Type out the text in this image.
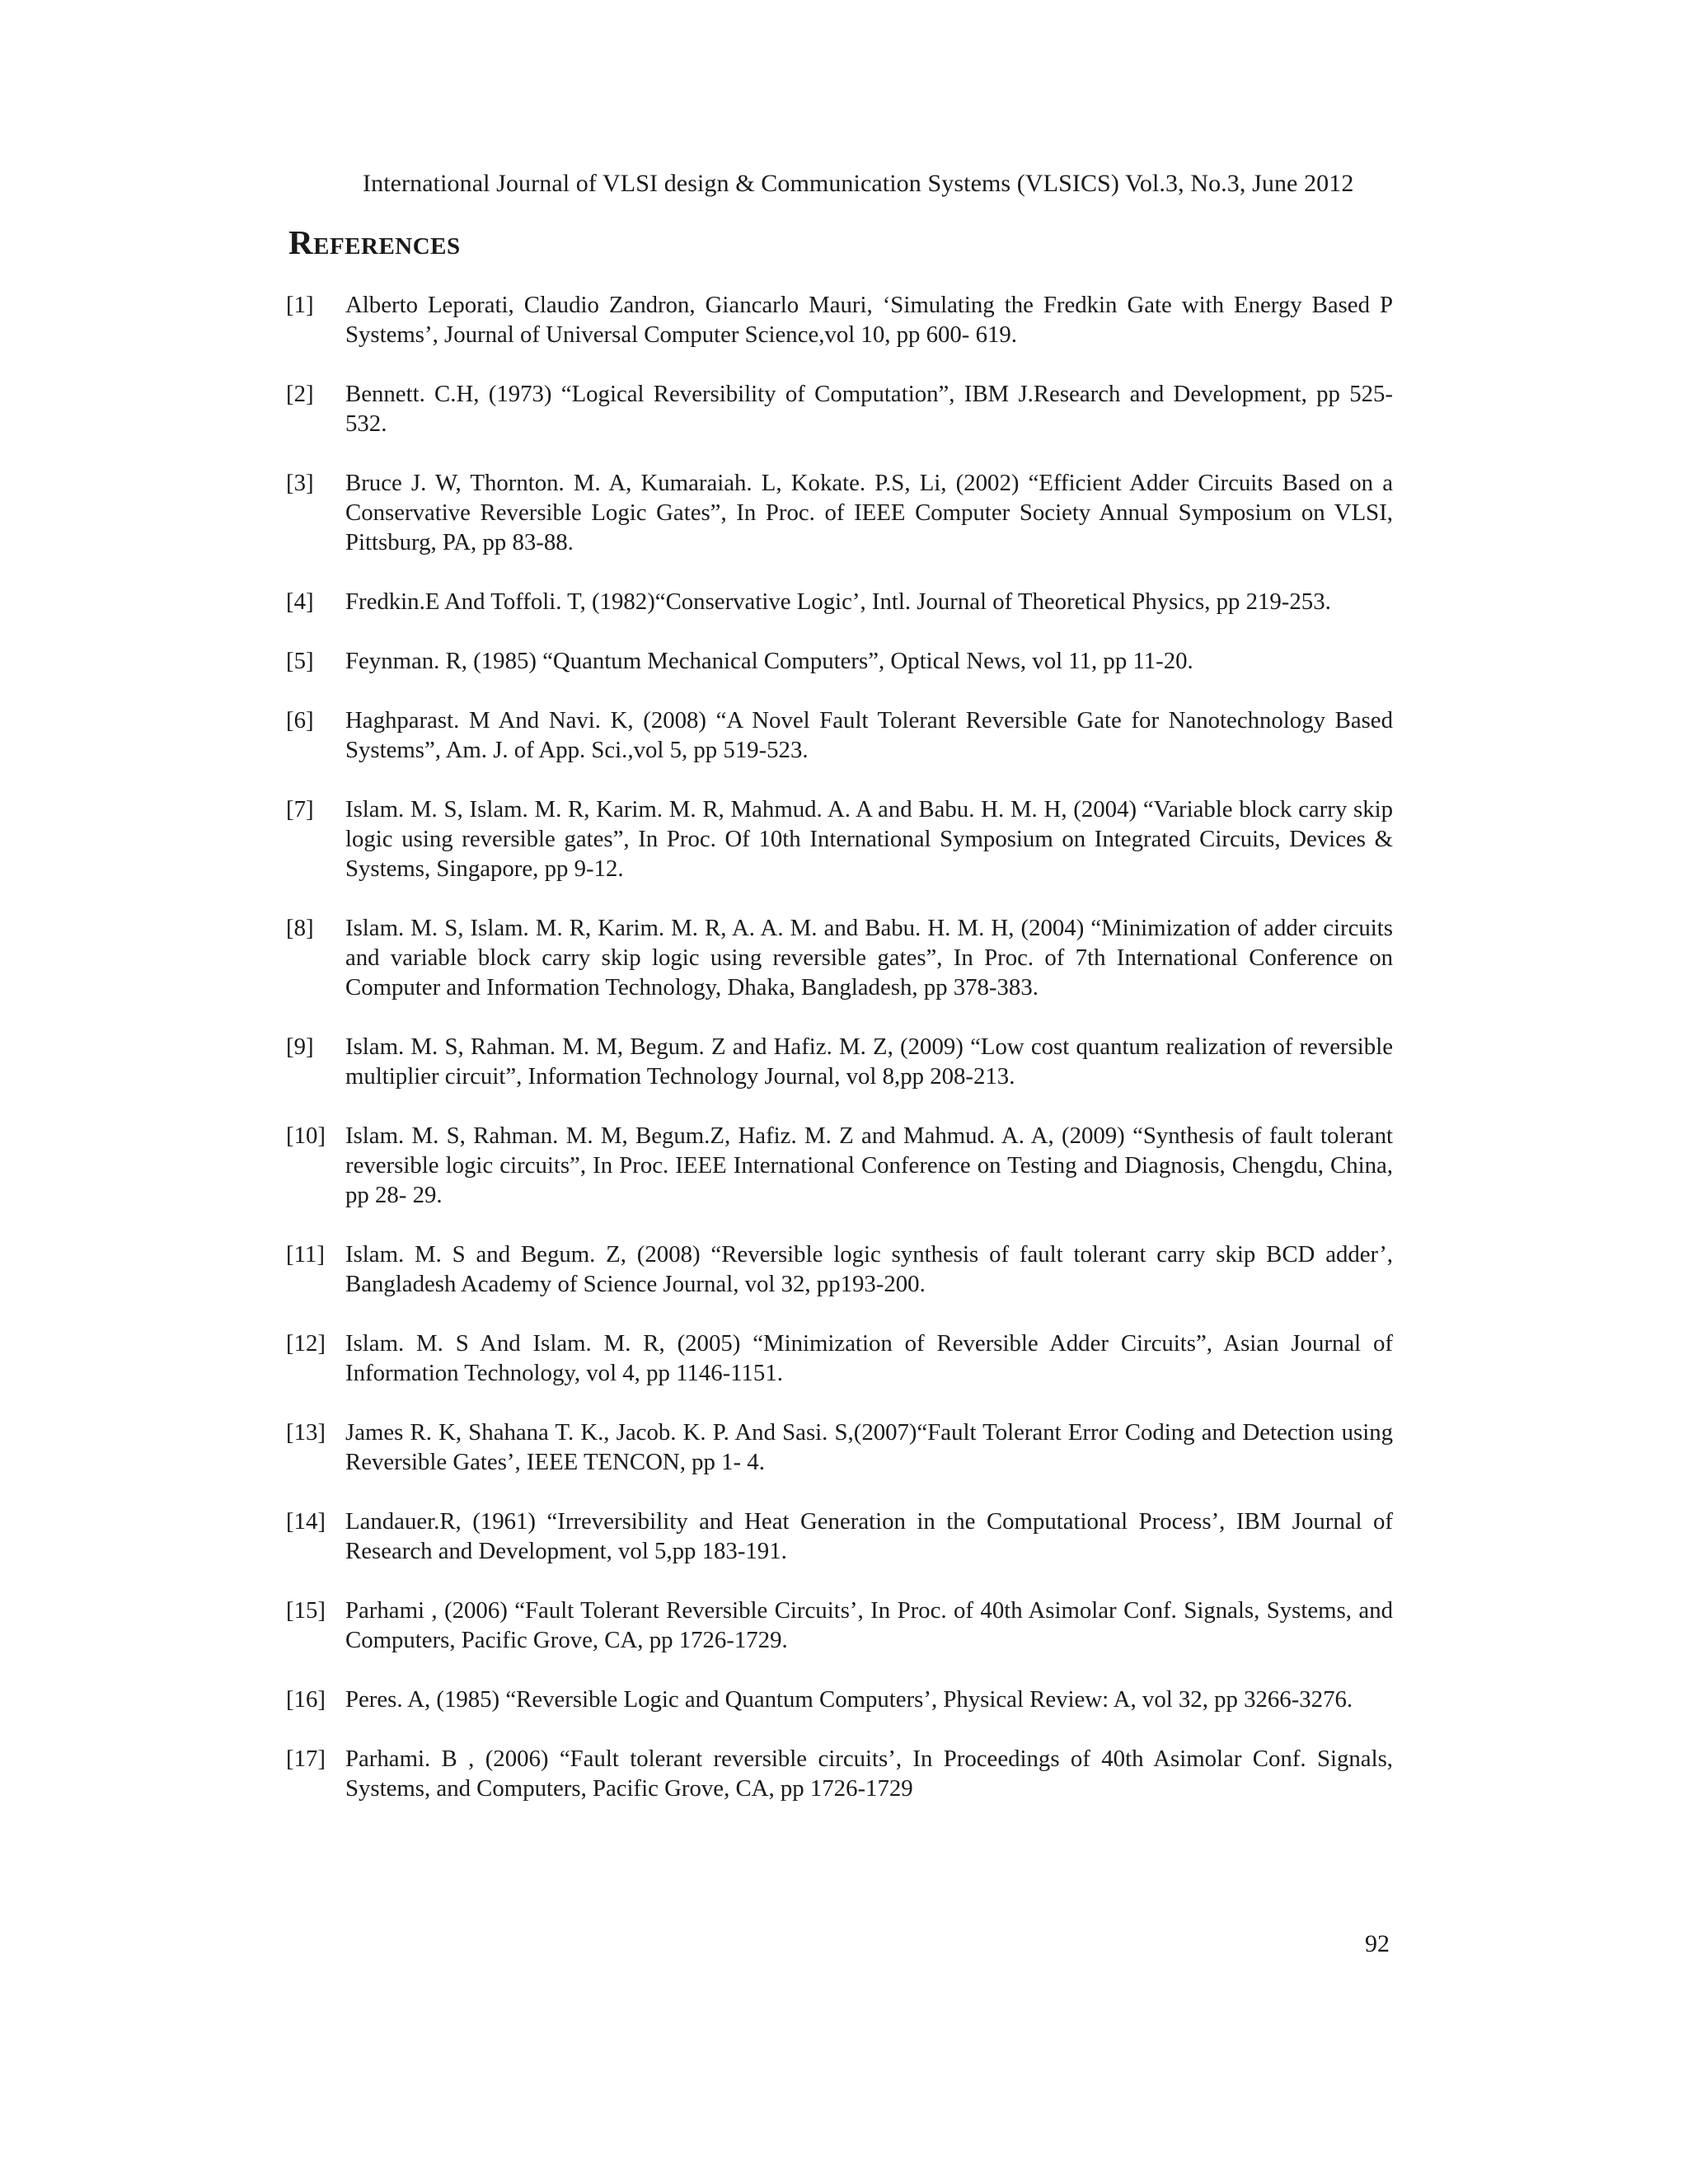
International Journal of VLSI design & Communication Systems (VLSICS) Vol.3, No.3, June 2012
References
[1]	Alberto Leporati, Claudio Zandron, Giancarlo Mauri, ‘Simulating the Fredkin Gate with Energy Based P Systems’, Journal of Universal Computer Science,vol 10, pp 600- 619.
[2]	Bennett. C.H, (1973) “Logical Reversibility of Computation”, IBM J.Research and Development, pp 525-532.
[3]	Bruce J. W, Thornton. M. A, Kumaraiah. L, Kokate. P.S, Li, (2002) “Efficient Adder Circuits Based on a Conservative Reversible Logic Gates”, In Proc. of IEEE Computer Society Annual Symposium on VLSI, Pittsburg, PA, pp 83-88.
[4]	Fredkin.E And Toffoli. T, (1982)“Conservative Logic’, Intl. Journal of Theoretical Physics, pp 219-253.
[5]	Feynman. R, (1985) “Quantum Mechanical Computers”, Optical News, vol 11, pp 11-20.
[6]	Haghparast. M And Navi. K, (2008) “A Novel Fault Tolerant Reversible Gate for Nanotechnology Based Systems”, Am. J. of App. Sci.,vol 5, pp 519-523.
[7]	Islam. M. S, Islam. M. R, Karim. M. R, Mahmud. A. A and Babu. H. M. H, (2004) “Variable block carry skip logic using reversible gates”, In Proc. Of 10th International Symposium on Integrated Circuits, Devices & Systems, Singapore, pp 9-12.
[8]	Islam. M. S, Islam. M. R, Karim. M. R, A. A. M. and Babu. H. M. H, (2004) “Minimization of adder circuits and variable block carry skip logic using reversible gates”, In Proc. of 7th International Conference on Computer and Information Technology, Dhaka, Bangladesh, pp 378-383.
[9]	Islam. M. S, Rahman. M. M, Begum. Z and Hafiz. M. Z, (2009) “Low cost quantum realization of reversible multiplier circuit”, Information Technology Journal, vol 8,pp 208-213.
[10] Islam. M. S, Rahman. M. M, Begum.Z, Hafiz. M. Z and Mahmud. A. A, (2009) “Synthesis of fault tolerant reversible logic circuits”, In Proc. IEEE International Conference on Testing and Diagnosis, Chengdu, China, pp 28- 29.
[11] Islam. M. S and Begum. Z, (2008) “Reversible logic synthesis of fault tolerant carry skip BCD adder’, Bangladesh Academy of Science Journal, vol 32, pp193-200.
[12] Islam. M. S And Islam. M. R, (2005) “Minimization of Reversible Adder Circuits”, Asian Journal of Information Technology, vol 4, pp 1146-1151.
[13] James R. K, Shahana T. K., Jacob. K. P. And Sasi. S,(2007)“Fault Tolerant Error Coding and Detection using Reversible Gates’, IEEE TENCON, pp 1- 4.
[14] Landauer.R, (1961) “Irreversibility and Heat Generation in the Computational Process’, IBM Journal of Research and Development, vol 5,pp 183-191.
[15] Parhami , (2006) “Fault Tolerant Reversible Circuits’, In Proc. of 40th Asimolar Conf. Signals, Systems, and Computers, Pacific Grove, CA, pp 1726-1729.
[16] Peres. A, (1985) “Reversible Logic and Quantum Computers’, Physical Review: A, vol 32, pp 3266-3276.
[17] Parhami. B , (2006) “Fault tolerant reversible circuits’, In Proceedings of 40th Asimolar Conf. Signals, Systems, and Computers, Pacific Grove, CA, pp 1726-1729
92
